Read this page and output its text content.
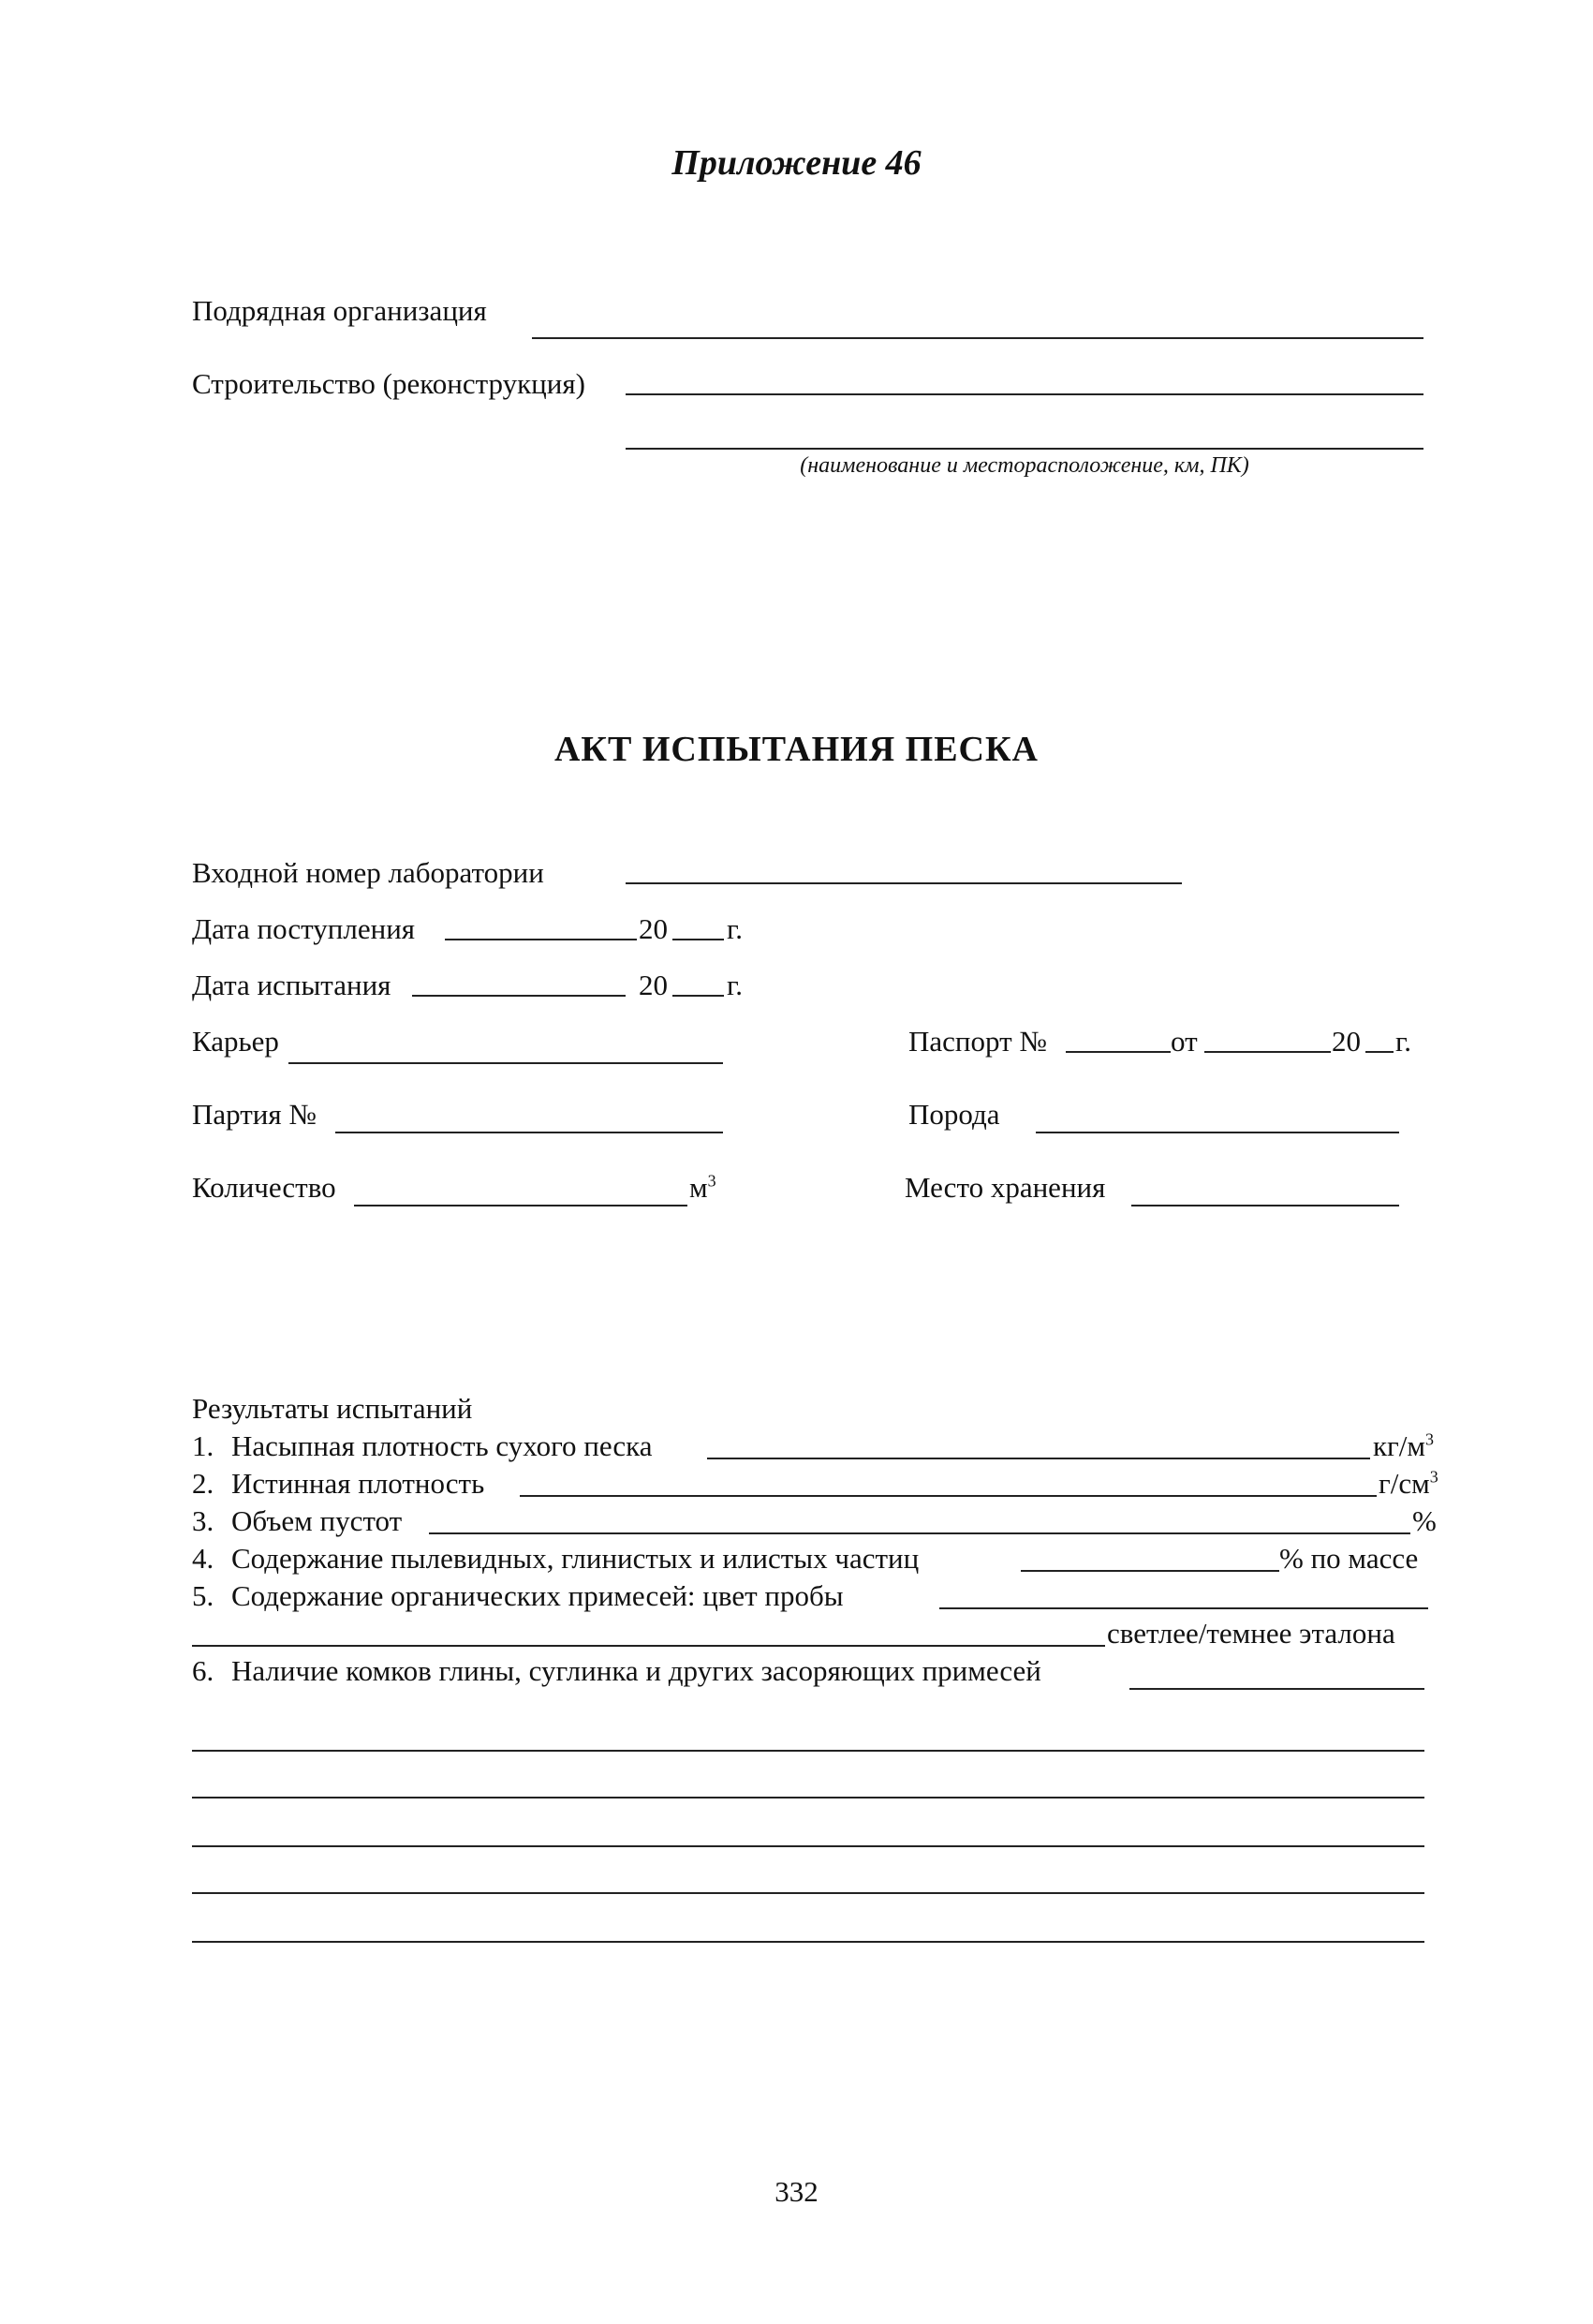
Приложение 46
Подрядная организация
Строительство (реконструкция)
(наименование и месторасположение, км, ПК)
АКТ ИСПЫТАНИЯ ПЕСКА
Входной номер лаборатории
Дата поступления	20 г.
Дата испытания	20 г.
Карьер	Паспорт №	от	20 г.
Партия №	Порода
Количество	$м^3$	Место хранения
Результаты испытаний
1. Насыпная плотность сухого песка	$кг/м^3$
2. Истинная плотность	$г/см^3$
3. Объем пустот	%
4. Содержание пылевидных, глинистых и илистых частиц	% по массе
5. Содержание органических примесей: цвет пробы
светлее/темнее эталона
6. Наличие комков глины, суглинка и других засоряющих примесей
332
